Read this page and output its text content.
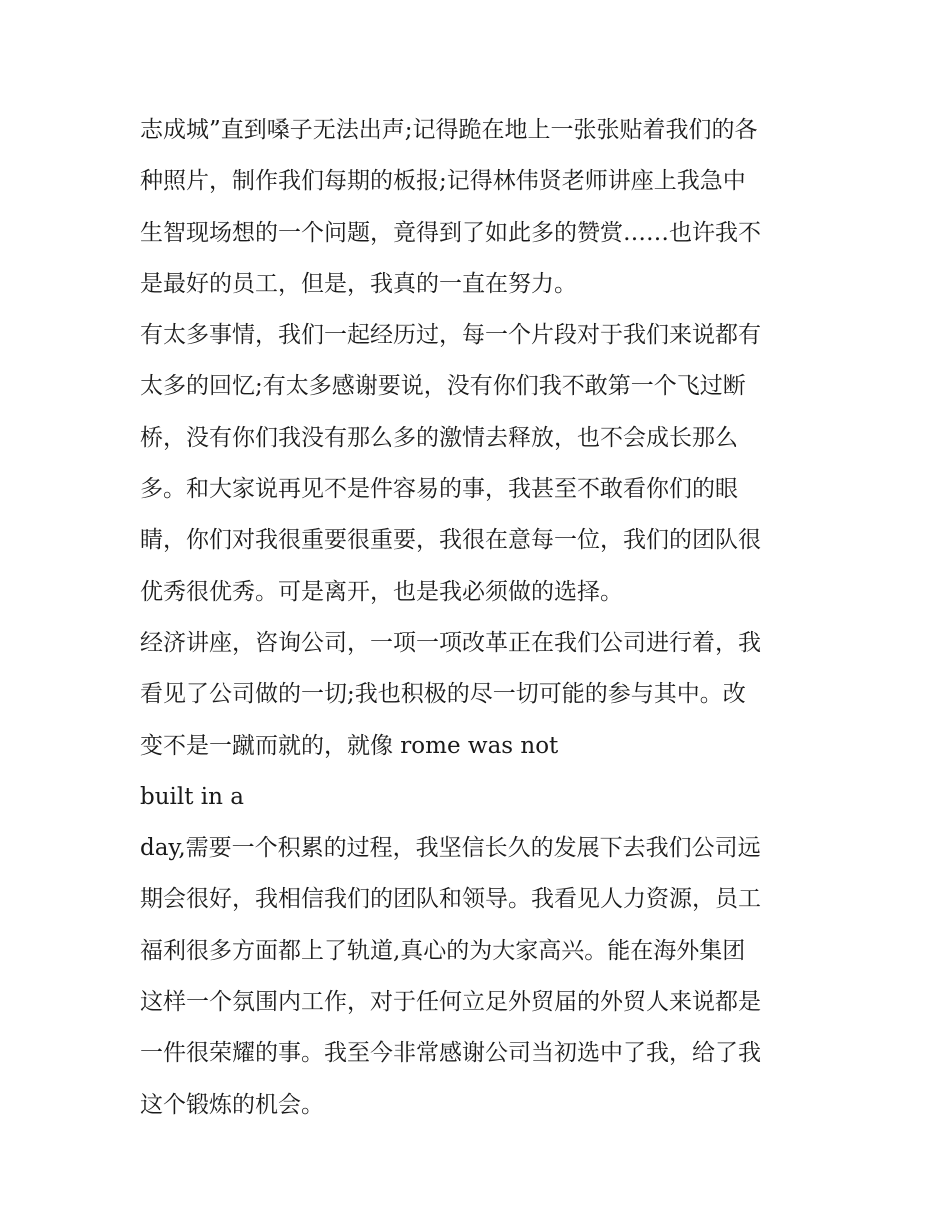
志成城”直到嗓子无法出声;记得跪在地上一张张贴着我们的各

种照片，制作我们每期的板报;记得林伟贤老师讲座上我急中

生智现场想的一个问题，竟得到了如此多的赞赏……也许我不

是最好的员工，但是，我真的一直在努力。

有太多事情，我们一起经历过，每一个片段对于我们来说都有

太多的回忆;有太多感谢要说，没有你们我不敢第一个飞过断

桥，没有你们我没有那么多的激情去释放，也不会成长那么

多。和大家说再见不是件容易的事，我甚至不敢看你们的眼

睛，你们对我很重要很重要，我很在意每一位，我们的团队很

优秀很优秀。可是离开，也是我必须做的选择。

经济讲座，咨询公司，一项一项改革正在我们公司进行着，我

看见了公司做的一切;我也积极的尽一切可能的参与其中。改

变不是一蹴而就的，就像 rome was not

built in a

day,需要一个积累的过程，我坚信长久的发展下去我们公司远

期会很好，我相信我们的团队和领导。我看见人力资源，员工

福利很多方面都上了轨道,真心的为大家高兴。能在海外集团

这样一个氛围内工作，对于任何立足外贸届的外贸人来说都是

一件很荣耀的事。我至今非常感谢公司当初选中了我，给了我

这个锻炼的机会。
